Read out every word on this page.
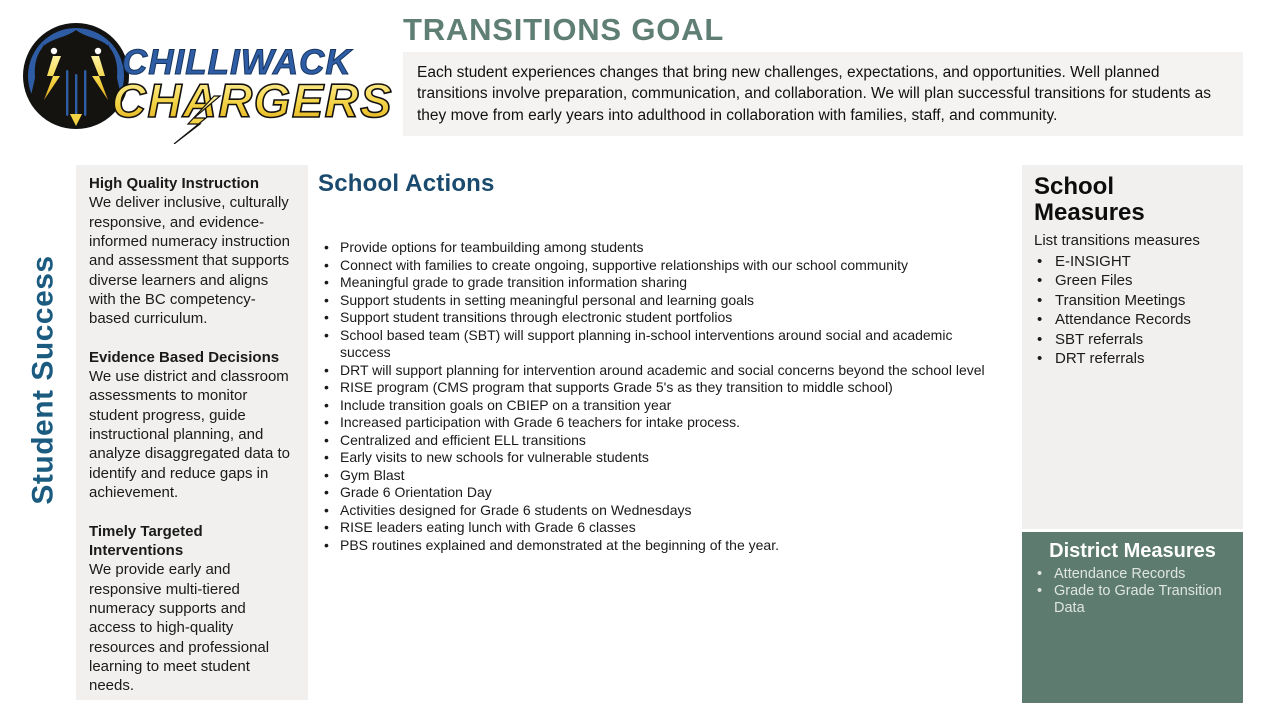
CHILLIWACK
CHARGERS
TRANSITIONS GOAL
Each student experiences changes that bring new challenges, expectations, and opportunities. Well planned transitions involve preparation, communication, and collaboration. We will plan successful transitions for students as they move from early years into adulthood in collaboration with families, staff, and community.
Student Success
High Quality Instruction

We deliver inclusive, culturally responsive, and evidence-informed numeracy instruction and assessment that supports diverse learners and aligns with the BC competency-based curriculum.

Evidence Based Decisions

We use district and classroom assessments to monitor student progress, guide instructional planning, and analyze disaggregated data to identify and reduce gaps in achievement.

Timely Targeted Interventions

We provide early and responsive multi-tiered numeracy supports and access to high-quality resources and professional learning to meet student needs.

School Actions
• Provide options for teambuilding among students
• Connect with families to create ongoing, supportive relationships with our school community
• Meaningful grade to grade transition information sharing
• Support students in setting meaningful personal and learning goals
• Support student transitions through electronic student portfolios
• School based team (SBT) will support planning in-school interventions around social and academic success
• DRT will support planning for intervention around academic and social concerns beyond the school level
• RISE program (CMS program that supports Grade 5's as they transition to middle school)
• Include transition goals on CBIEP on a transition year
• Increased participation with Grade 6 teachers for intake process.
• Centralized and efficient ELL transitions
• Early visits to new schools for vulnerable students
• Gym Blast
• Grade 6 Orientation Day
• Activities designed for Grade 6 students on Wednesdays
• RISE leaders eating lunch with Grade 6 classes
• PBS routines explained and demonstrated at the beginning of the year.
School Measures
List transitions measures
• E-INSIGHT
• Green Files
• Transition Meetings
• Attendance Records
• SBT referrals
• DRT referrals
District Measures
• Attendance Records
• Grade to Grade Transition Data
